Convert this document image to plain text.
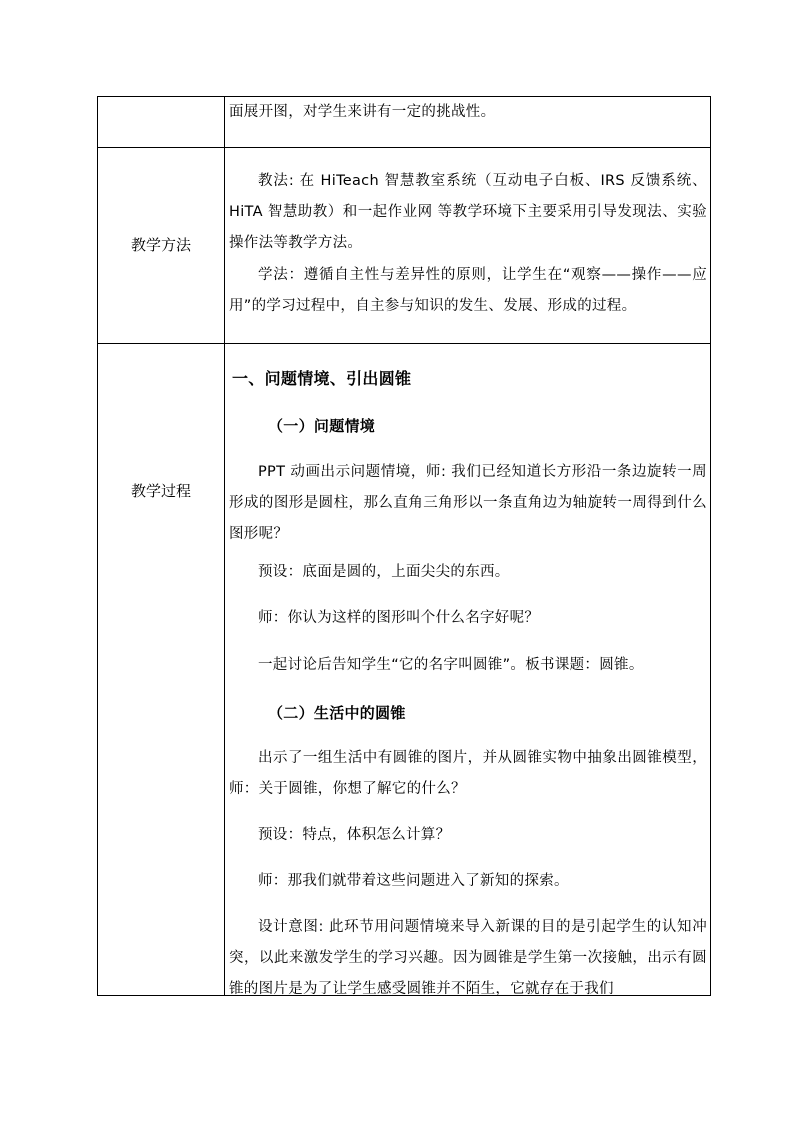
面展开图，对学生来讲有一定的挑战性。
教学方法
教法: 在 HiTeach 智慧教室系统（互动电子白板、IRS 反馈系统、HiTA 智慧助教）和一起作业网 等教学环境下主要采用引导发现法、实验操作法等教学方法。
学法：遵循自主性与差异性的原则，让学生在“观察——操作——应用”的学习过程中，自主参与知识的发生、发展、形成的过程。
教学过程
一、问题情境、引出圆锥
（一）问题情境
PPT 动画出示问题情境，师: 我们已经知道长方形沿一条边旋转一周形成的图形是圆柱，那么直角三角形以一条直角边为轴旋转一周得到什么图形呢？
预设：底面是圆的，上面尖尖的东西。
师：你认为这样的图形叫个什么名字好呢？
一起讨论后告知学生“它的名字叫圆锥”。板书课题：圆锥。
（二）生活中的圆锥
出示了一组生活中有圆锥的图片，并从圆锥实物中抽象出圆锥模型，师：关于圆锥，你想了解它的什么？
预设：特点，体积怎么计算？
师：那我们就带着这些问题进入了新知的探索。
设计意图: 此环节用问题情境来导入新课的目的是引起学生的认知冲突，以此来激发学生的学习兴趣。因为圆锥是学生第一次接触，出示有圆锥的图片是为了让学生感受圆锥并不陌生，它就存在于我们
